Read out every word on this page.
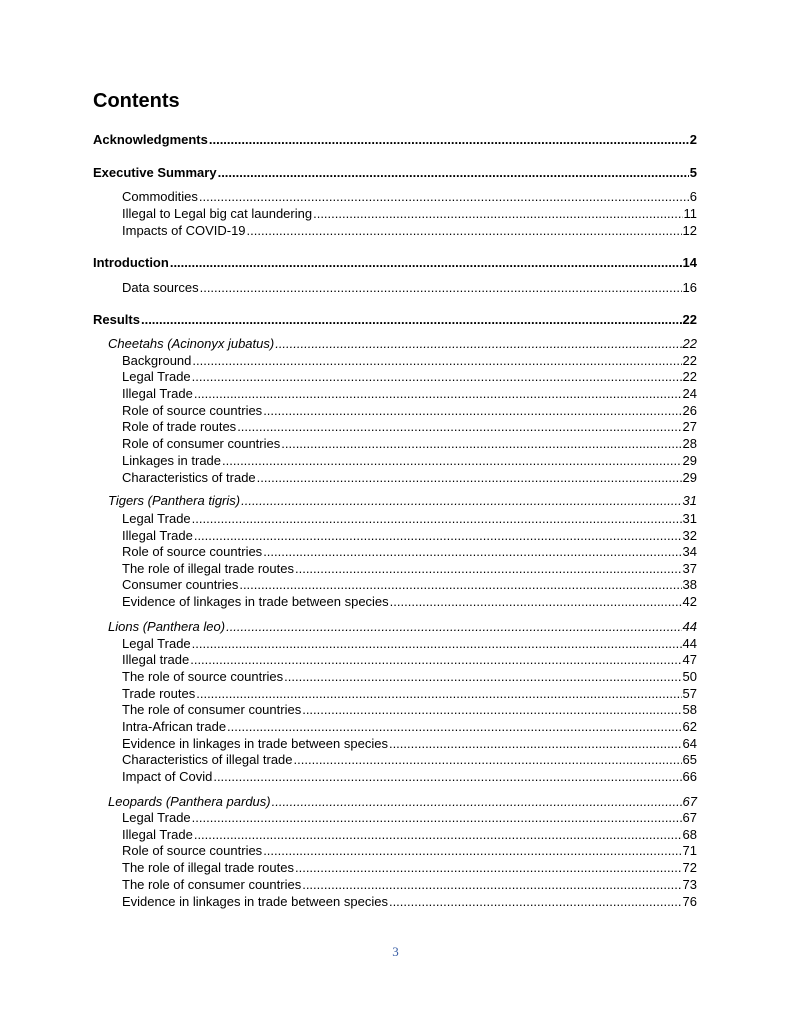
Contents
Acknowledgments .....	2
Executive Summary .....	5
Commodities .....	6
Illegal to Legal big cat laundering .....	11
Impacts of COVID-19 .....	12
Introduction .....	14
Data sources .....	16
Results .....	22
Cheetahs (Acinonyx jubatus) .....	22
Background .....	22
Legal Trade .....	22
Illegal Trade .....	24
Role of source countries .....	26
Role of trade routes .....	27
Role of consumer countries .....	28
Linkages in trade .....	29
Characteristics of trade .....	29
Tigers (Panthera tigris) .....	31
Legal Trade .....	31
Illegal Trade .....	32
Role of source countries .....	34
The role of illegal trade routes .....	37
Consumer countries .....	38
Evidence of linkages in trade between species .....	42
Lions (Panthera leo) .....	44
Legal Trade .....	44
Illegal trade .....	47
The role of source countries .....	50
Trade routes .....	57
The role of consumer countries .....	58
Intra-African trade .....	62
Evidence in linkages in trade between species .....	64
Characteristics of illegal trade .....	65
Impact of Covid .....	66
Leopards (Panthera pardus) .....	67
Legal Trade .....	67
Illegal Trade .....	68
Role of source countries .....	71
The role of illegal trade routes .....	72
The role of consumer countries .....	73
Evidence in linkages in trade between species .....	76
3
